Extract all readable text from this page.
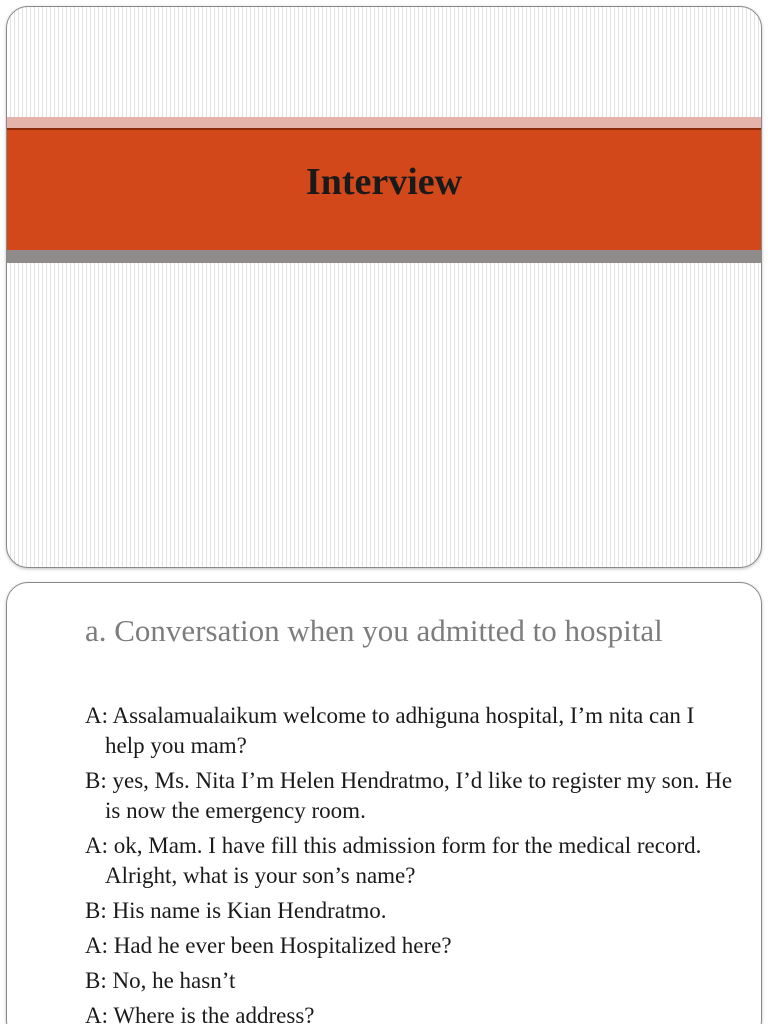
Interview
a. Conversation when you admitted to hospital
A: Assalamualaikum welcome to adhiguna hospital, I’m nita can I help you mam?
B: yes, Ms. Nita I’m Helen Hendratmo, I’d like to register my son. He is now the emergency room.
A: ok, Mam. I have fill this admission form for the medical record. Alright, what is your son’s name?
B: His name is Kian Hendratmo.
A: Had he ever been Hospitalized here?
B: No, he hasn’t
A: Where is the address?
